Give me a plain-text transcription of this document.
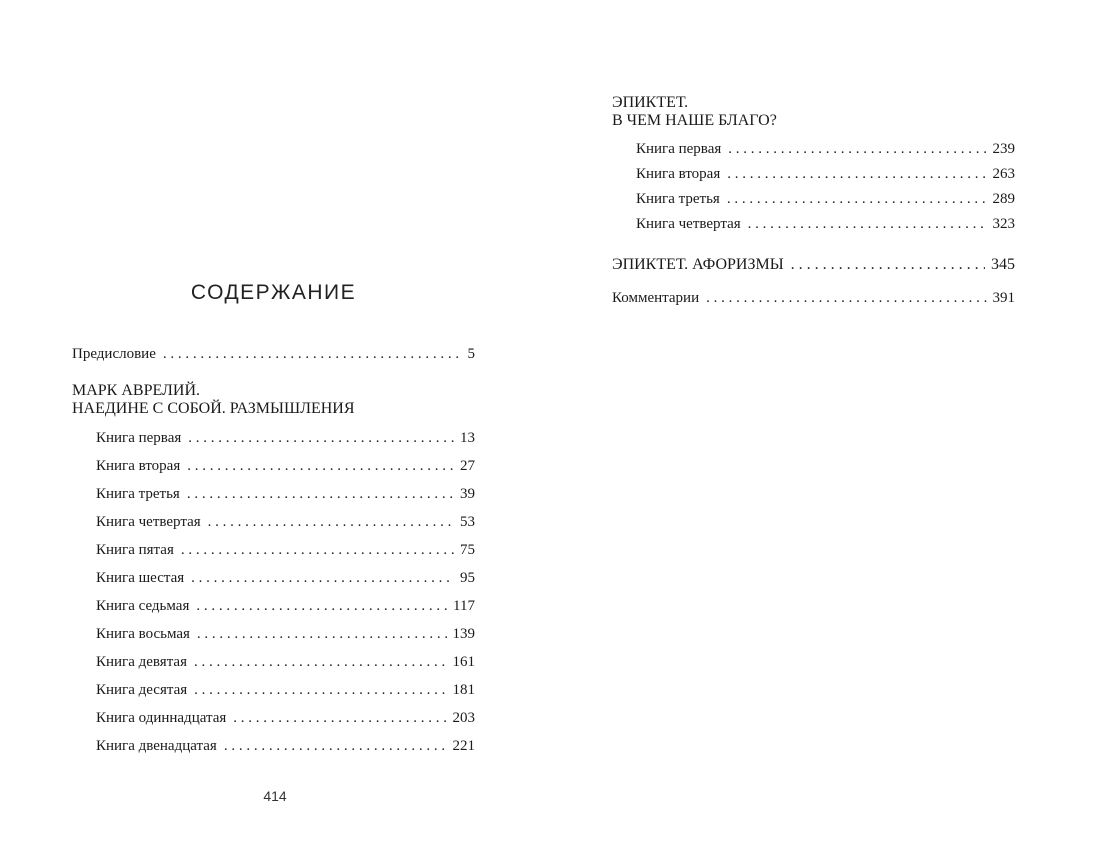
СОДЕРЖАНИЕ
Предисловие . . .	5
МАРК АВРЕЛИЙ.
НАЕДИНЕ С СОБОЙ. РАЗМЫШЛЕНИЯ
Книга первая . . .	13
Книга вторая . . .	27
Книга третья . . .	39
Книга четвертая . . .	53
Книга пятая . . .	75
Книга шестая . . .	95
Книга седьмая . . .	117
Книга восьмая . . .	139
Книга девятая . . .	161
Книга десятая . . .	181
Книга одиннадцатая . . .	203
Книга двенадцатая . . .	221
414
ЭПИКТЕТ.
В ЧЕМ НАШЕ БЛАГО?
Книга первая . . .	239
Книга вторая . . .	263
Книга третья . . .	289
Книга четвертая . . .	323
ЭПИКТЕТ. АФОРИЗМЫ . . .	345
Комментарии . . .	391
